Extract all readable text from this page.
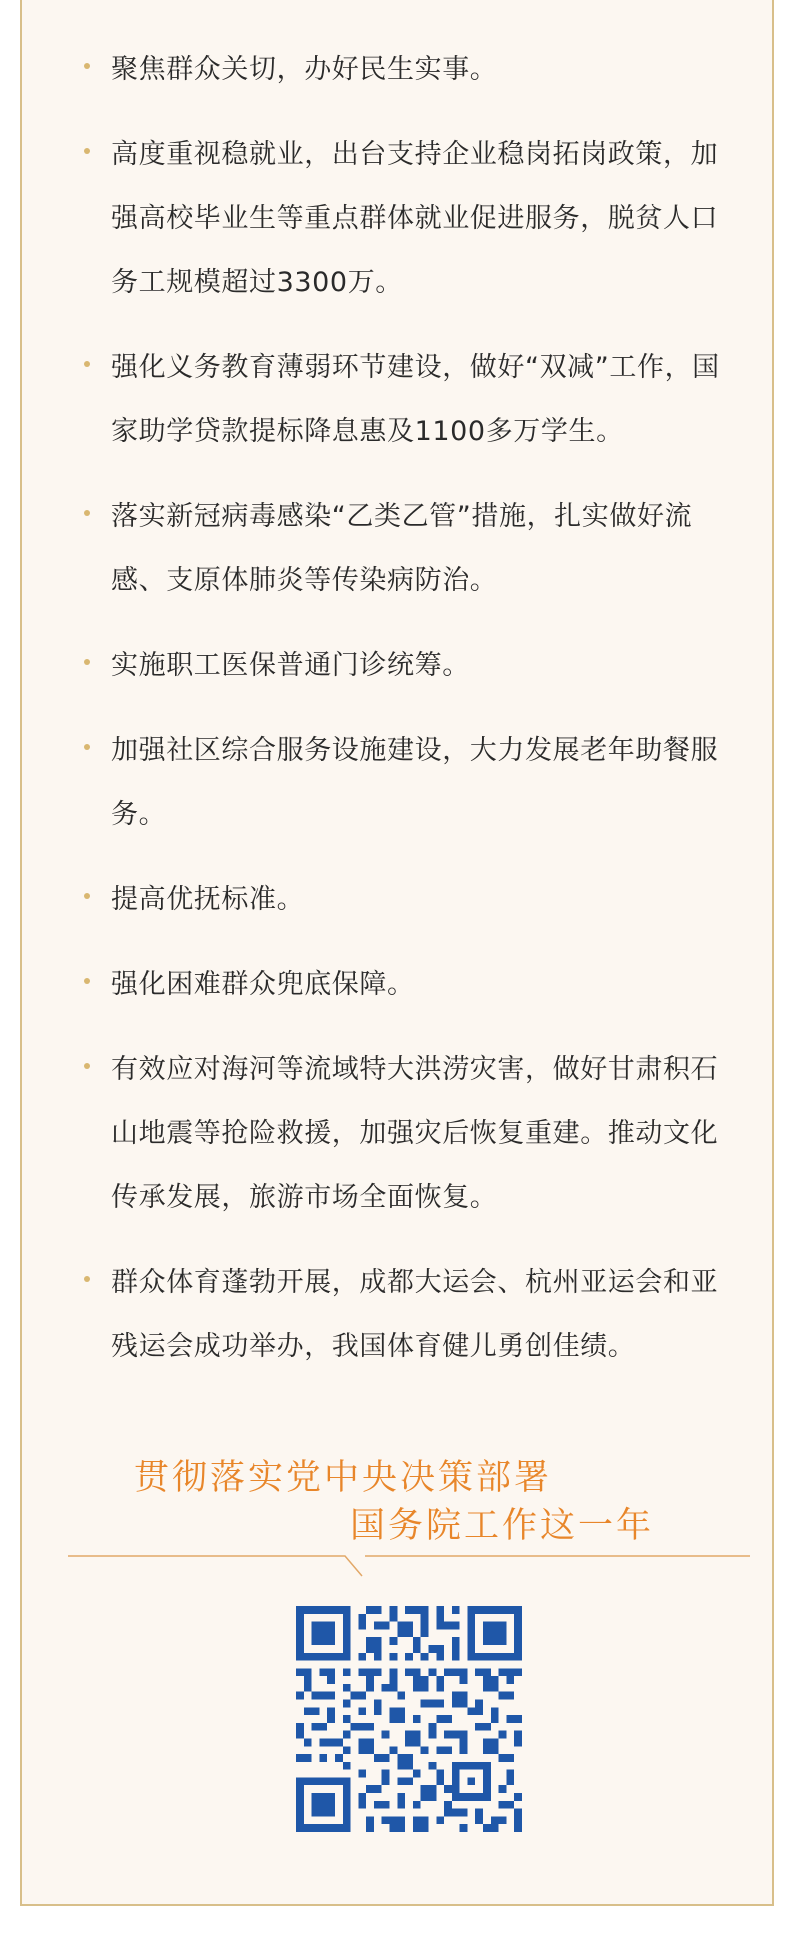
聚焦群众关切，办好民生实事。
高度重视稳就业，出台支持企业稳岗拓岗政策，加强高校毕业生等重点群体就业促进服务，脱贫人口务工规模超过3300万。
强化义务教育薄弱环节建设，做好“双减”工作，国家助学贷款提标降息惠及1100多万学生。
落实新冠病毒感染“乙类乙管”措施，扎实做好流感、支原体肺炎等传染病防治。
实施职工医保普通门诊统筹。
加强社区综合服务设施建设，大力发展老年助餐服务。
提高优抚标准。
强化困难群众兜底保障。
有效应对海河等流域特大洪涝灾害，做好甘肃积石山地震等抢险救援，加强灾后恢复重建。推动文化传承发展，旅游市场全面恢复。
群众体育蓬勃开展，成都大运会、杭州亚运会和亚残运会成功举办，我国体育健儿勇创佳绩。
贯彻落实党中央决策部署
国务院工作这一年
